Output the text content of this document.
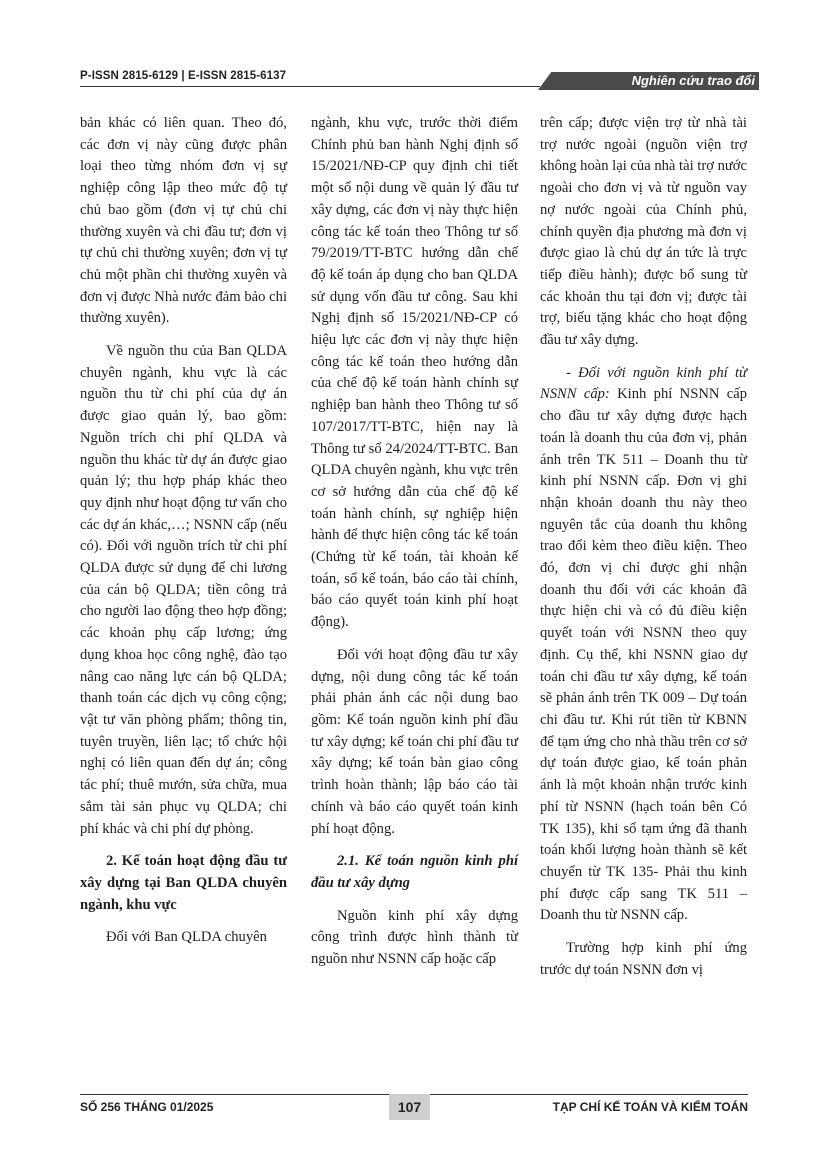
P-ISSN 2815-6129 | E-ISSN 2815-6137	Nghiên cứu trao đổi

bản khác có liên quan. Theo đó, các đơn vị này cũng được phân loại theo từng nhóm đơn vị sự nghiệp công lập theo mức độ tự chủ bao gồm (đơn vị tự chủ chi thường xuyên và chi đầu tư; đơn vị tự chủ chi thường xuyên; đơn vị tự chủ một phần chi thường xuyên và đơn vị được Nhà nước đảm bảo chi thường xuyên).

Về nguồn thu của Ban QLDA chuyên ngành, khu vực là các nguồn thu từ chi phí của dự án được giao quản lý, bao gồm: Nguồn trích chi phí QLDA và nguồn thu khác từ dự án được giao quản lý; thu hợp pháp khác theo quy định như hoạt động tư vấn cho các dự án khác,…; NSNN cấp (nếu có). Đối với nguồn trích từ chi phí QLDA được sử dụng để chi lương của cán bộ QLDA; tiền công trả cho người lao động theo hợp đồng; các khoản phụ cấp lương; ứng dụng khoa học công nghệ, đào tạo nâng cao năng lực cán bộ QLDA; thanh toán các dịch vụ công cộng; vật tư văn phòng phẩm; thông tin, tuyên truyền, liên lạc; tổ chức hội nghị có liên quan đến dự án; công tác phí; thuê mướn, sửa chữa, mua sắm tài sản phục vụ QLDA; chi phí khác và chi phí dự phòng.

2. Kế toán hoạt động đầu tư xây dựng tại Ban QLDA chuyên ngành, khu vực

Đối với Ban QLDA chuyên

ngành, khu vực, trước thời điểm Chính phủ ban hành Nghị định số 15/2021/NĐ-CP quy định chi tiết một số nội dung về quản lý đầu tư xây dựng, các đơn vị này thực hiện công tác kế toán theo Thông tư số 79/2019/TT-BTC hướng dẫn chế độ kế toán áp dụng cho ban QLDA sử dụng vốn đầu tư công. Sau khi Nghị định số 15/2021/NĐ-CP có hiệu lực các đơn vị này thực hiện công tác kế toán theo hướng dẫn của chế độ kế toán hành chính sự nghiệp ban hành theo Thông tư số 107/2017/TT-BTC, hiện nay là Thông tư số 24/2024/TT-BTC. Ban QLDA chuyên ngành, khu vực trên cơ sở hướng dẫn của chế độ kế toán hành chính, sự nghiệp hiện hành để thực hiện công tác kế toán (Chứng từ kế toán, tài khoản kế toán, sổ kế toán, báo cáo tài chính, báo cáo quyết toán kinh phí hoạt động).

Đối với hoạt động đầu tư xây dựng, nội dung công tác kế toán phải phản ánh các nội dung bao gồm: Kế toán nguồn kinh phí đầu tư xây dựng; kế toán chi phí đầu tư xây dựng; kế toán bàn giao công trình hoàn thành; lập báo cáo tài chính và báo cáo quyết toán kinh phí hoạt động.

2.1. Kế toán nguồn kinh phí đầu tư xây dựng

Nguồn kinh phí xây dựng công trình được hình thành từ nguồn như NSNN cấp hoặc cấp

trên cấp; được viện trợ từ nhà tài trợ nước ngoài (nguồn viện trợ không hoàn lại của nhà tài trợ nước ngoài cho đơn vị và từ nguồn vay nợ nước ngoài của Chính phủ, chính quyền địa phương mà đơn vị được giao là chủ dự án tức là trực tiếp điều hành); được bổ sung từ các khoản thu tại đơn vị; được tài trợ, biếu tặng khác cho hoạt động đầu tư xây dựng.

- Đối với nguồn kinh phí từ NSNN cấp: Kinh phí NSNN cấp cho đầu tư xây dựng được hạch toán là doanh thu của đơn vị, phản ánh trên TK 511 – Doanh thu từ kinh phí NSNN cấp. Đơn vị ghi nhận khoản doanh thu này theo nguyên tắc của doanh thu không trao đổi kèm theo điều kiện. Theo đó, đơn vị chỉ được ghi nhận doanh thu đối với các khoản đã thực hiện chi và có đủ điều kiện quyết toán với NSNN theo quy định. Cụ thể, khi NSNN giao dự toán chi đầu tư xây dựng, kế toán sẽ phản ánh trên TK 009 – Dự toán chi đầu tư. Khi rút tiền từ KBNN để tạm ứng cho nhà thầu trên cơ sở dự toán được giao, kế toán phản ánh là một khoản nhận trước kinh phí từ NSNN (hạch toán bên Có TK 135), khi số tạm ứng đã thanh toán khối lượng hoàn thành sẽ kết chuyển từ TK 135- Phải thu kinh phí được cấp sang TK 511 – Doanh thu từ NSNN cấp.

Trường hợp kinh phí ứng trước dự toán NSNN đơn vị

SỐ 256 THÁNG 01/2025	107	TẠP CHÍ KẾ TOÁN VÀ KIỂM TOÁN
